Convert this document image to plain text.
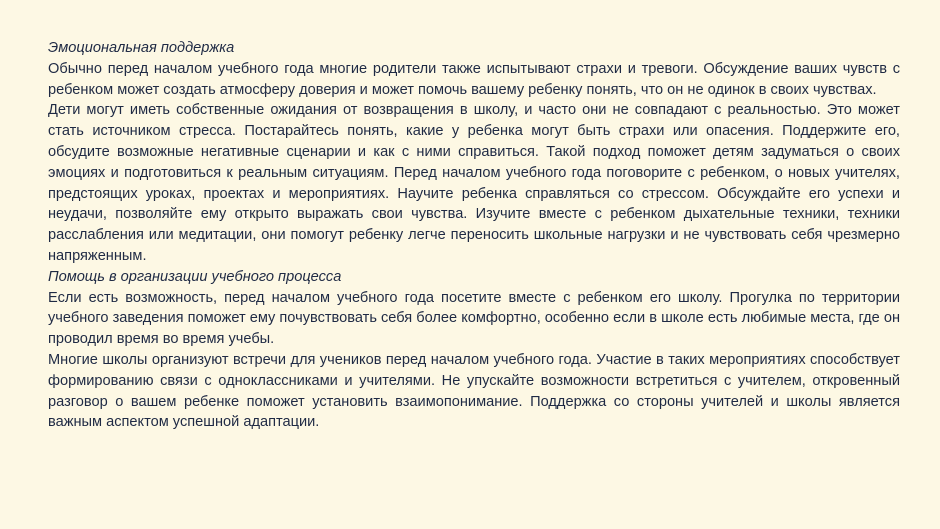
Эмоциональная поддержка

Обычно перед началом учебного года многие родители также испытывают страхи и тревоги. Обсуждение ваших чувств с ребенком может создать атмосферу доверия и может помочь вашему ребенку понять, что он не одинок в своих чувствах.

Дети могут иметь собственные ожидания от возвращения в школу, и часто они не совпадают с реальностью. Это может стать источником стресса. Постарайтесь понять, какие у ребенка могут быть страхи или опасения. Поддержите его, обсудите возможные негативные сценарии и как с ними справиться. Такой подход поможет детям задуматься о своих эмоциях и подготовиться к реальным ситуациям. Перед началом учебного года поговорите с ребенком, о новых учителях, предстоящих уроках, проектах и мероприятиях. Научите ребенка справляться со стрессом. Обсуждайте его успехи и неудачи, позволяйте ему открыто выражать свои чувства. Изучите вместе с ребенком дыхательные техники, техники расслабления или медитации, они помогут ребенку легче переносить школьные нагрузки и не чувствовать себя чрезмерно напряженным.

Помощь в организации учебного процесса

Если есть возможность, перед началом учебного года посетите вместе с ребенком его школу. Прогулка по территории учебного заведения поможет ему почувствовать себя более комфортно, особенно если в школе есть любимые места, где он проводил время во время учебы.

Многие школы организуют встречи для учеников перед началом учебного года. Участие в таких мероприятиях способствует формированию связи с одноклассниками и учителями. Не упускайте возможности встретиться с учителем, откровенный разговор о вашем ребенке поможет установить взаимопонимание. Поддержка со стороны учителей и школы является важным аспектом успешной адаптации.
